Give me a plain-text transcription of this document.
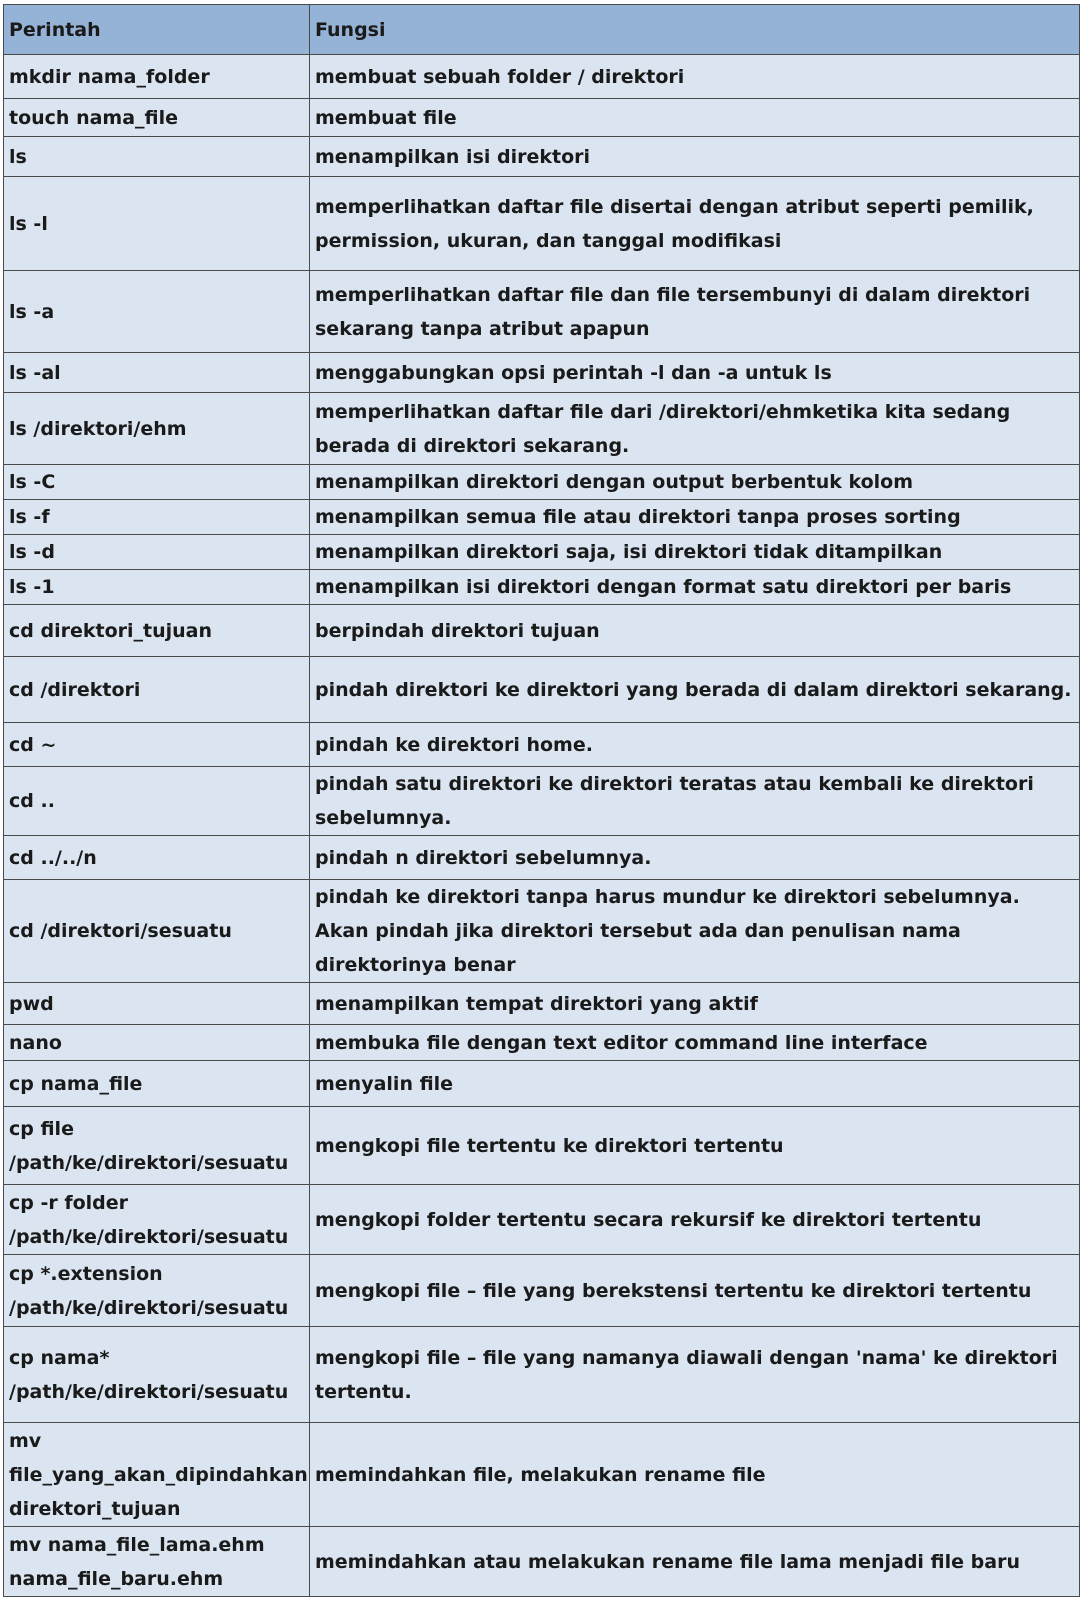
Perintah	Fungsi
mkdir nama_folder	membuat sebuah folder / direktori
touch nama_file	membuat file
ls	menampilkan isi direktori
ls -l	memperlihatkan daftar file disertai dengan atribut seperti pemilik, permission, ukuran, dan tanggal modifikasi
ls -a	memperlihatkan daftar file dan file tersembunyi di dalam direktori sekarang tanpa atribut apapun
ls -al	menggabungkan opsi perintah -l dan -a untuk ls
ls /direktori/ehm	memperlihatkan daftar file dari /direktori/ehmketika kita sedang berada di direktori sekarang.
ls -C	menampilkan direktori dengan output berbentuk kolom
ls -f	menampilkan semua file atau direktori tanpa proses sorting
ls -d	menampilkan direktori saja, isi direktori tidak ditampilkan
ls -1	menampilkan isi direktori dengan format satu direktori per baris
cd direktori_tujuan	berpindah direktori tujuan
cd /direktori	pindah direktori ke direktori yang berada di dalam direktori sekarang.
cd ~	pindah ke direktori home.
cd ..	pindah satu direktori ke direktori teratas atau kembali ke direktori sebelumnya.
cd ../../n	pindah n direktori sebelumnya.
cd /direktori/sesuatu	pindah ke direktori tanpa harus mundur ke direktori sebelumnya. Akan pindah jika direktori tersebut ada dan penulisan nama direktorinya benar
pwd	menampilkan tempat direktori yang aktif
nano	membuka file dengan text editor command line interface
cp nama_file	menyalin file
cp file /path/ke/direktori/sesuatu	mengkopi file tertentu ke direktori tertentu
cp -r folder /path/ke/direktori/sesuatu	mengkopi folder tertentu secara rekursif ke direktori tertentu
cp *.extension /path/ke/direktori/sesuatu	mengkopi file – file yang berekstensi tertentu ke direktori tertentu
cp nama* /path/ke/direktori/sesuatu	mengkopi file – file yang namanya diawali dengan 'nama' ke direktori tertentu.
mv file_yang_akan_dipindahkan direktori_tujuan	memindahkan file, melakukan rename file
mv nama_file_lama.ehm nama_file_baru.ehm	memindahkan atau melakukan rename file lama menjadi file baru
